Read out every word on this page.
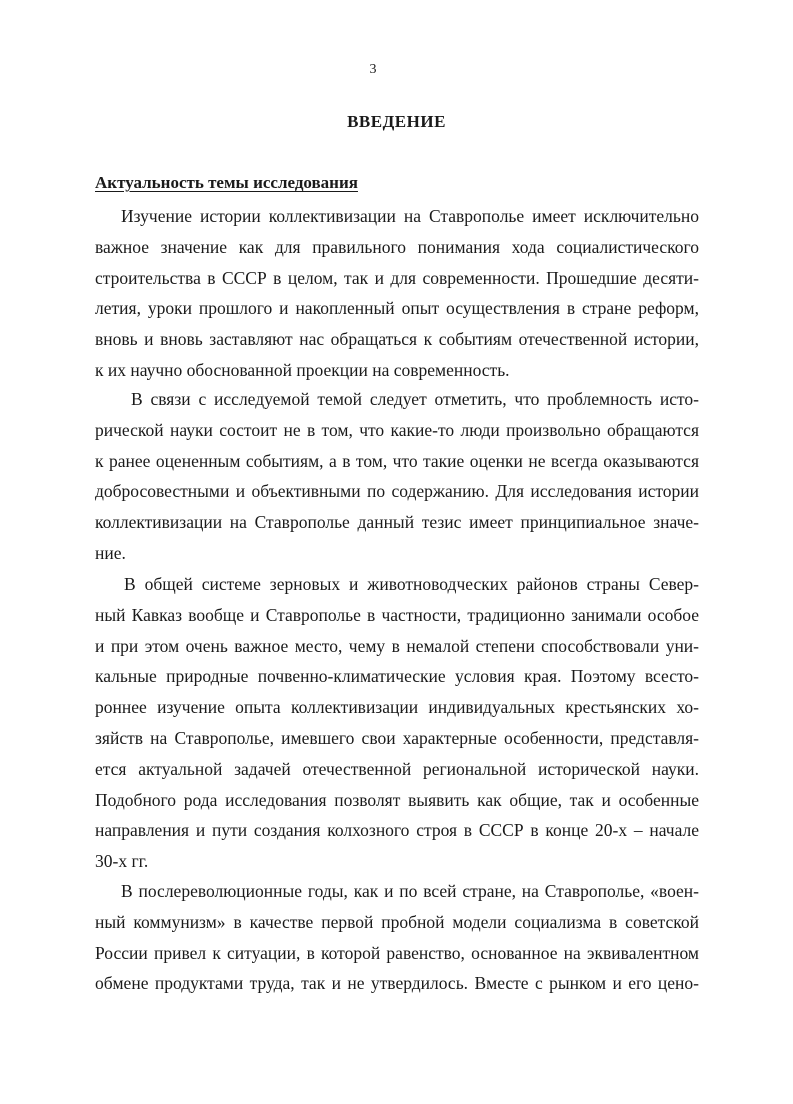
3
ВВЕДЕНИЕ
Актуальность темы исследования
Изучение истории коллективизации на Ставрополье имеет исключительно
важное значение как для правильного понимания хода социалистического
строительства в СССР в целом, так и для современности. Прошедшие десяти-
летия, уроки прошлого и накопленный опыт осуществления в стране реформ,
вновь и вновь заставляют нас обращаться к событиям отечественной истории,
к их научно обоснованной проекции на современность.
В связи с исследуемой темой следует отметить, что проблемность исто-
рической науки состоит не в том, что какие-то люди произвольно обращаются
к ранее оцененным событиям, а в том, что такие оценки не всегда оказываются
добросовестными и объективными по содержанию. Для исследования истории
коллективизации на Ставрополье данный тезис имеет принципиальное значе-
ние.
В общей системе зерновых и животноводческих районов страны Север-
ный Кавказ вообще и Ставрополье в частности, традиционно занимали особое
и при этом очень важное место, чему в немалой степени способствовали уни-
кальные природные почвенно-климатические условия края. Поэтому всесто-
роннее изучение опыта коллективизации индивидуальных крестьянских хо-
зяйств на Ставрополье, имевшего свои характерные особенности, представля-
ется актуальной задачей отечественной региональной исторической науки.
Подобного рода исследования позволят выявить как общие, так и особенные
направления и пути создания колхозного строя в СССР в конце 20-х – начале
30-х гг.
В послереволюционные годы, как и по всей стране, на Ставрополье, «воен-
ный коммунизм» в качестве первой пробной модели социализма в советской
России привел к ситуации, в которой равенство, основанное на эквивалентном
обмене продуктами труда, так и не утвердилось. Вместе с рынком и его цено-
